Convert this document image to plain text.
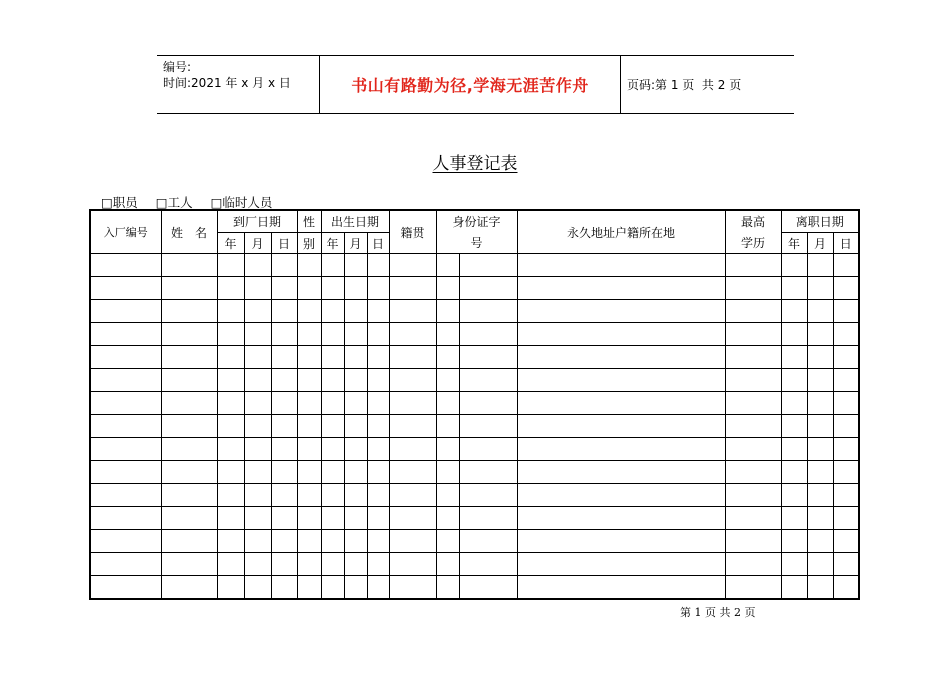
编号:
时间:2021 年 x 月 x 日	书山有路勤为径,学海无涯苦作舟	页码:第 1 页  共 2 页
人事登记表
□职员 □工人 □临时人员
入厂编号	姓　名	到厂日期			性	出生日期			籍贯	身份证字		永久地址户籍所在地	最高	离职日期		
		年	月	日	别	年	月	日		号			学历	年	月	日

第 1 页 共 2 页
